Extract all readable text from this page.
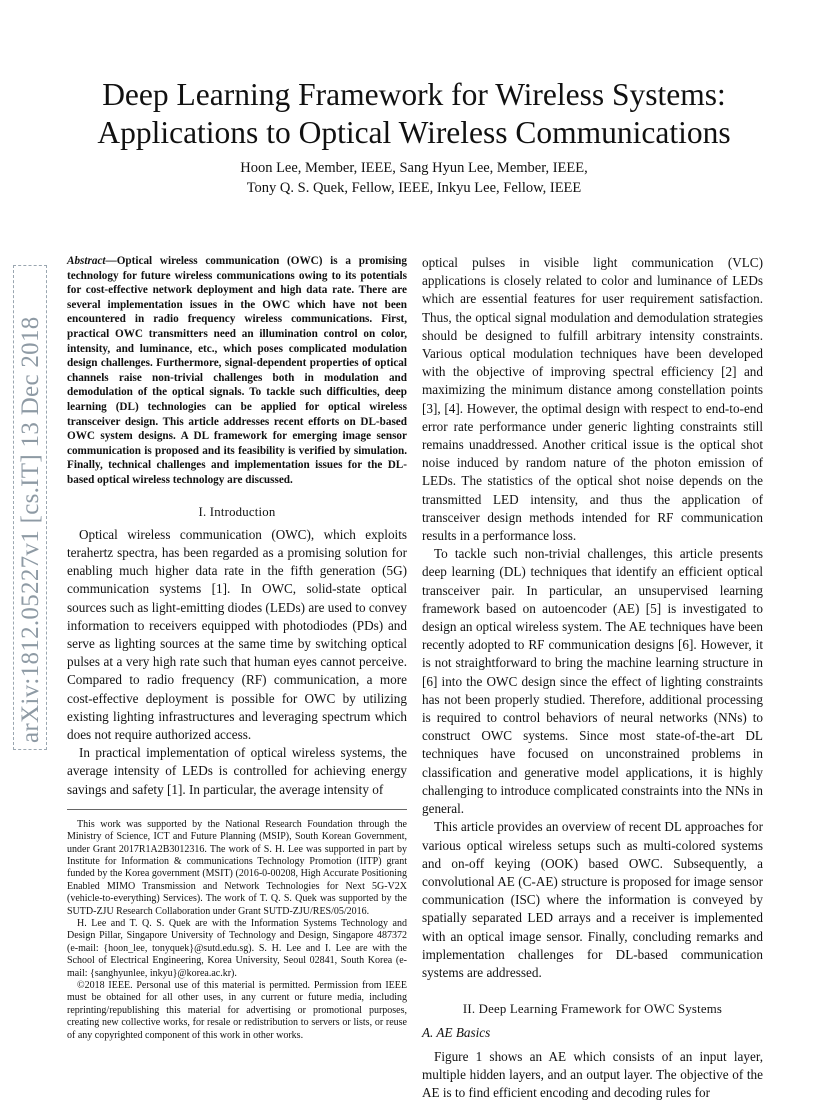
Deep Learning Framework for Wireless Systems:
Applications to Optical Wireless Communications
Hoon Lee, Member, IEEE, Sang Hyun Lee, Member, IEEE,
Tony Q. S. Quek, Fellow, IEEE, Inkyu Lee, Fellow, IEEE
arXiv:1812.05227v1 [cs.IT] 13 Dec 2018

Abstract—Optical wireless communication (OWC) is a promising technology for future wireless communications owing to its potentials for cost-effective network deployment and high data rate. There are several implementation issues in the OWC which have not been encountered in radio frequency wireless communications. First, practical OWC transmitters need an illumination control on color, intensity, and luminance, etc., which poses complicated modulation design challenges. Furthermore, signal-dependent properties of optical channels raise non-trivial challenges both in modulation and demodulation of the optical signals. To tackle such difficulties, deep learning (DL) technologies can be applied for optical wireless transceiver design. This article addresses recent efforts on DL-based OWC system designs. A DL framework for emerging image sensor communication is proposed and its feasibility is verified by simulation. Finally, technical challenges and implementation issues for the DL-based optical wireless technology are discussed.

I. Introduction

Optical wireless communication (OWC), which exploits terahertz spectra, has been regarded as a promising solution for enabling much higher data rate in the fifth generation (5G) communication systems [1]. In OWC, solid-state optical sources such as light-emitting diodes (LEDs) are used to convey information to receivers equipped with photodiodes (PDs) and serve as lighting sources at the same time by switching optical pulses at a very high rate such that human eyes cannot perceive. Compared to radio frequency (RF) communication, a more cost-effective deployment is possible for OWC by utilizing existing lighting infrastructures and leveraging spectrum which does not require authorized access.

In practical implementation of optical wireless systems, the average intensity of LEDs is controlled for achieving energy savings and safety [1]. In particular, the average intensity of

This work was supported by the National Research Foundation through the Ministry of Science, ICT and Future Planning (MSIP), South Korean Government, under Grant 2017R1A2B3012316. The work of S. H. Lee was supported in part by Institute for Information & communications Technology Promotion (IITP) grant funded by the Korea government (MSIT) (2016-0-00208, High Accurate Positioning Enabled MIMO Transmission and Network Technologies for Next 5G-V2X (vehicle-to-everything) Services). The work of T. Q. S. Quek was supported by the SUTD-ZJU Research Collaboration under Grant SUTD-ZJU/RES/05/2016.

H. Lee and T. Q. S. Quek are with the Information Systems Technology and Design Pillar, Singapore University of Technology and Design, Singapore 487372 (e-mail: {hoon_lee, tonyquek}@sutd.edu.sg). S. H. Lee and I. Lee are with the School of Electrical Engineering, Korea University, Seoul 02841, South Korea (e-mail: {sanghyunlee, inkyu}@korea.ac.kr).

©2018 IEEE. Personal use of this material is permitted. Permission from IEEE must be obtained for all other uses, in any current or future media, including reprinting/republishing this material for advertising or promotional purposes, creating new collective works, for resale or redistribution to servers or lists, or reuse of any copyrighted component of this work in other works.

optical pulses in visible light communication (VLC) applications is closely related to color and luminance of LEDs which are essential features for user requirement satisfaction. Thus, the optical signal modulation and demodulation strategies should be designed to fulfill arbitrary intensity constraints. Various optical modulation techniques have been developed with the objective of improving spectral efficiency [2] and maximizing the minimum distance among constellation points [3], [4]. However, the optimal design with respect to end-to-end error rate performance under generic lighting constraints still remains unaddressed. Another critical issue is the optical shot noise induced by random nature of the photon emission of LEDs. The statistics of the optical shot noise depends on the transmitted LED intensity, and thus the application of transceiver design methods intended for RF communication results in a performance loss.

To tackle such non-trivial challenges, this article presents deep learning (DL) techniques that identify an efficient optical transceiver pair. In particular, an unsupervised learning framework based on autoencoder (AE) [5] is investigated to design an optical wireless system. The AE techniques have been recently adopted to RF communication designs [6]. However, it is not straightforward to bring the machine learning structure in [6] into the OWC design since the effect of lighting constraints has not been properly studied. Therefore, additional processing is required to control behaviors of neural networks (NNs) to construct OWC systems. Since most state-of-the-art DL techniques have focused on unconstrained problems in classification and generative model applications, it is highly challenging to introduce complicated constraints into the NNs in general.

This article provides an overview of recent DL approaches for various optical wireless setups such as multi-colored systems and on-off keying (OOK) based OWC. Subsequently, a convolutional AE (C-AE) structure is proposed for image sensor communication (ISC) where the information is conveyed by spatially separated LED arrays and a receiver is implemented with an optical image sensor. Finally, concluding remarks and implementation challenges for DL-based communication systems are addressed.

II. Deep Learning Framework for OWC Systems
A. AE Basics

Figure 1 shows an AE which consists of an input layer, multiple hidden layers, and an output layer. The objective of the AE is to find efficient encoding and decoding rules for
